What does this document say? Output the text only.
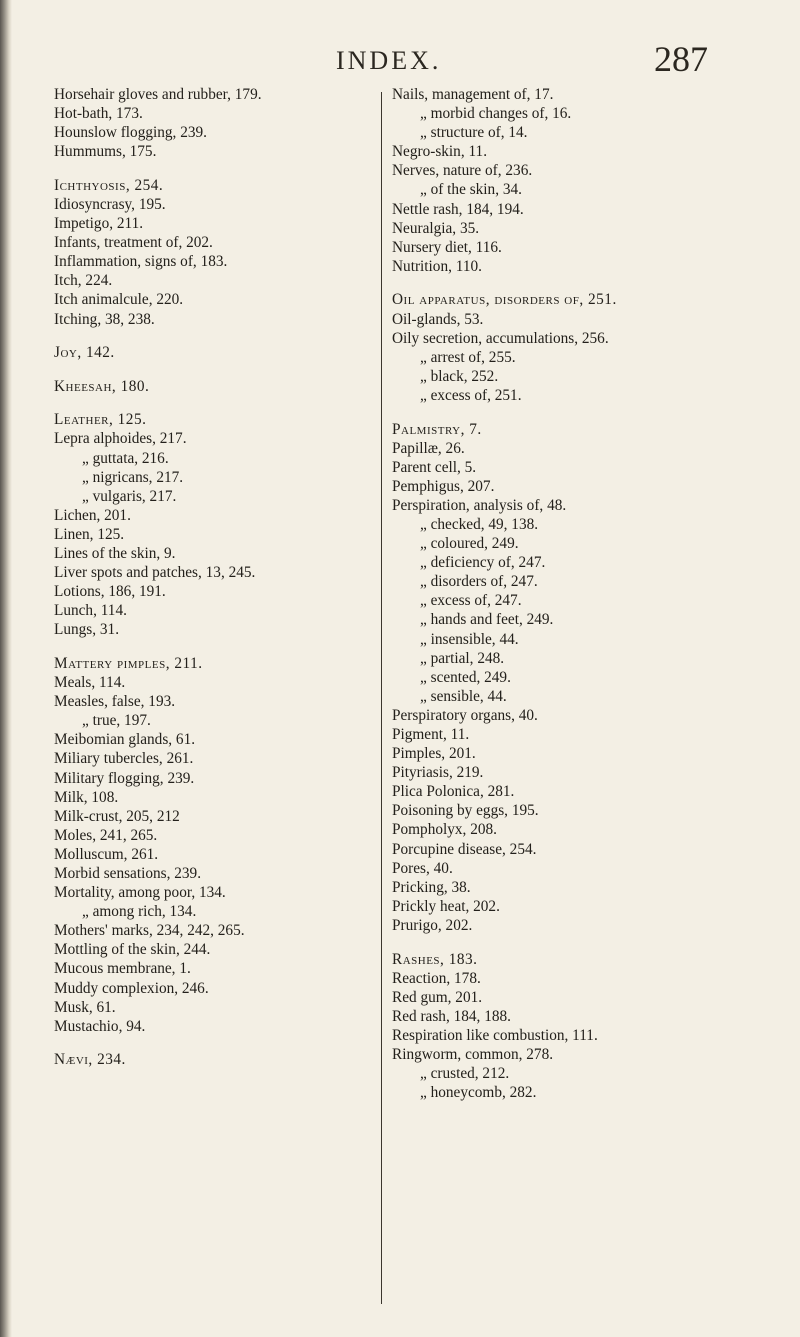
INDEX.	287
Horsehair gloves and rubber, 179.
Hot-bath, 173.
Hounslow flogging, 239.
Hummums, 175.
Ichthyosis, 254.
Idiosyncrasy, 195.
Impetigo, 211.
Infants, treatment of, 202.
Inflammation, signs of, 183.
Itch, 224.
Itch animalcule, 220.
Itching, 38, 238.
Joy, 142.
Kheesah, 180.
Leather, 125.
Lepra alphoides, 217.
„ guttata, 216.
„ nigricans, 217.
„ vulgaris, 217.
Lichen, 201.
Linen, 125.
Lines of the skin, 9.
Liver spots and patches, 13, 245.
Lotions, 186, 191.
Lunch, 114.
Lungs, 31.
Mattery pimples, 211.
Meals, 114.
Measles, false, 193.
„ true, 197.
Meibomian glands, 61.
Miliary tubercles, 261.
Military flogging, 239.
Milk, 108.
Milk-crust, 205, 212
Moles, 241, 265.
Molluscum, 261.
Morbid sensations, 239.
Mortality, among poor, 134.
„ among rich, 134.
Mothers' marks, 234, 242, 265.
Mottling of the skin, 244.
Mucous membrane, 1.
Muddy complexion, 246.
Musk, 61.
Mustachio, 94.
Nævi, 234.
Nails, management of, 17.
„ morbid changes of, 16.
„ structure of, 14.
Negro-skin, 11.
Nerves, nature of, 236.
„ of the skin, 34.
Nettle rash, 184, 194.
Neuralgia, 35.
Nursery diet, 116.
Nutrition, 110.
Oil apparatus, disorders of, 251.
Oil-glands, 53.
Oily secretion, accumulations, 256.
„ arrest of, 255.
„ black, 252.
„ excess of, 251.
Palmistry, 7.
Papillæ, 26.
Parent cell, 5.
Pemphigus, 207.
Perspiration, analysis of, 48.
„ checked, 49, 138.
„ coloured, 249.
„ deficiency of, 247.
„ disorders of, 247.
„ excess of, 247.
„ hands and feet, 249.
„ insensible, 44.
„ partial, 248.
„ scented, 249.
„ sensible, 44.
Perspiratory organs, 40.
Pigment, 11.
Pimples, 201.
Pityriasis, 219.
Plica Polonica, 281.
Poisoning by eggs, 195.
Pompholyx, 208.
Porcupine disease, 254.
Pores, 40.
Pricking, 38.
Prickly heat, 202.
Prurigo, 202.
Rashes, 183.
Reaction, 178.
Red gum, 201.
Red rash, 184, 188.
Respiration like combustion, 111.
Ringworm, common, 278.
„ crusted, 212.
„ honeycomb, 282.
